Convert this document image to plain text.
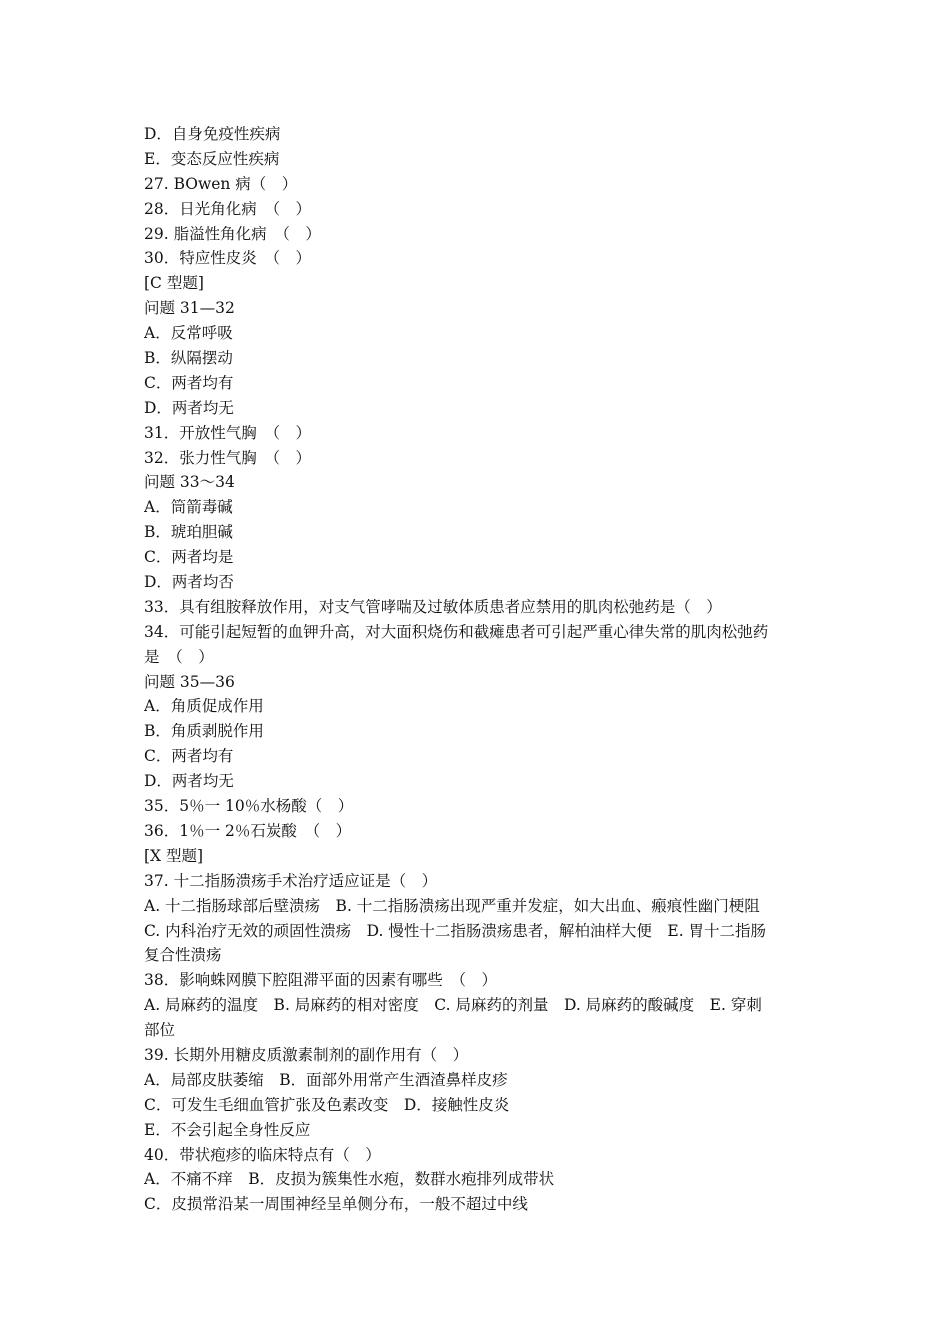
D．自身免疫性疾病
E．变态反应性疾病
27. BOwen 病（　）
28．日光角化病　（　）
29. 脂溢性角化病　（　）
30．特应性皮炎　（　）
[C 型题]
问题 31—32
A．反常呼吸
B．纵隔摆动
C．两者均有
D．两者均无
31．开放性气胸　（　）
32．张力性气胸　（　）
问题 33～34
A．筒箭毒碱
B．琥珀胆碱
C．两者均是
D．两者均否
33．具有组胺释放作用，对支气管哮喘及过敏体质患者应禁用的肌肉松弛药是（　）
34．可能引起短暂的血钾升高，对大面积烧伤和截瘫患者可引起严重心律失常的肌肉松弛药
是　（　）
问题 35—36
A．角质促成作用
B．角质剥脱作用
C．两者均有
D．两者均无
35．5％一 10％水杨酸（　）
36．1％一 2％石炭酸　（　）
[X 型题]
37. 十二指肠溃疡手术治疗适应证是（　）
A. 十二指肠球部后壁溃疡　B. 十二指肠溃疡出现严重并发症，如大出血、瘢痕性幽门梗阻
C. 内科治疗无效的顽固性溃疡　D. 慢性十二指肠溃疡患者，解柏油样大便　E. 胃十二指肠
复合性溃疡
38．影响蛛网膜下腔阻滞平面的因素有哪些　（　）
A. 局麻药的温度　B. 局麻药的相对密度　C. 局麻药的剂量　D. 局麻药的酸碱度　E. 穿刺
部位
39. 长期外用糖皮质激素制剂的副作用有（　）
A．局部皮肤萎缩　B．面部外用常产生酒渣鼻样皮疹
C．可发生毛细血管扩张及色素改变　D．接触性皮炎
E．不会引起全身性反应
40．带状疱疹的临床特点有（　）
A．不痛不痒　B．皮损为簇集性水疱，数群水疱排列成带状
C．皮损常沿某一周围神经呈单侧分布，一般不超过中线
